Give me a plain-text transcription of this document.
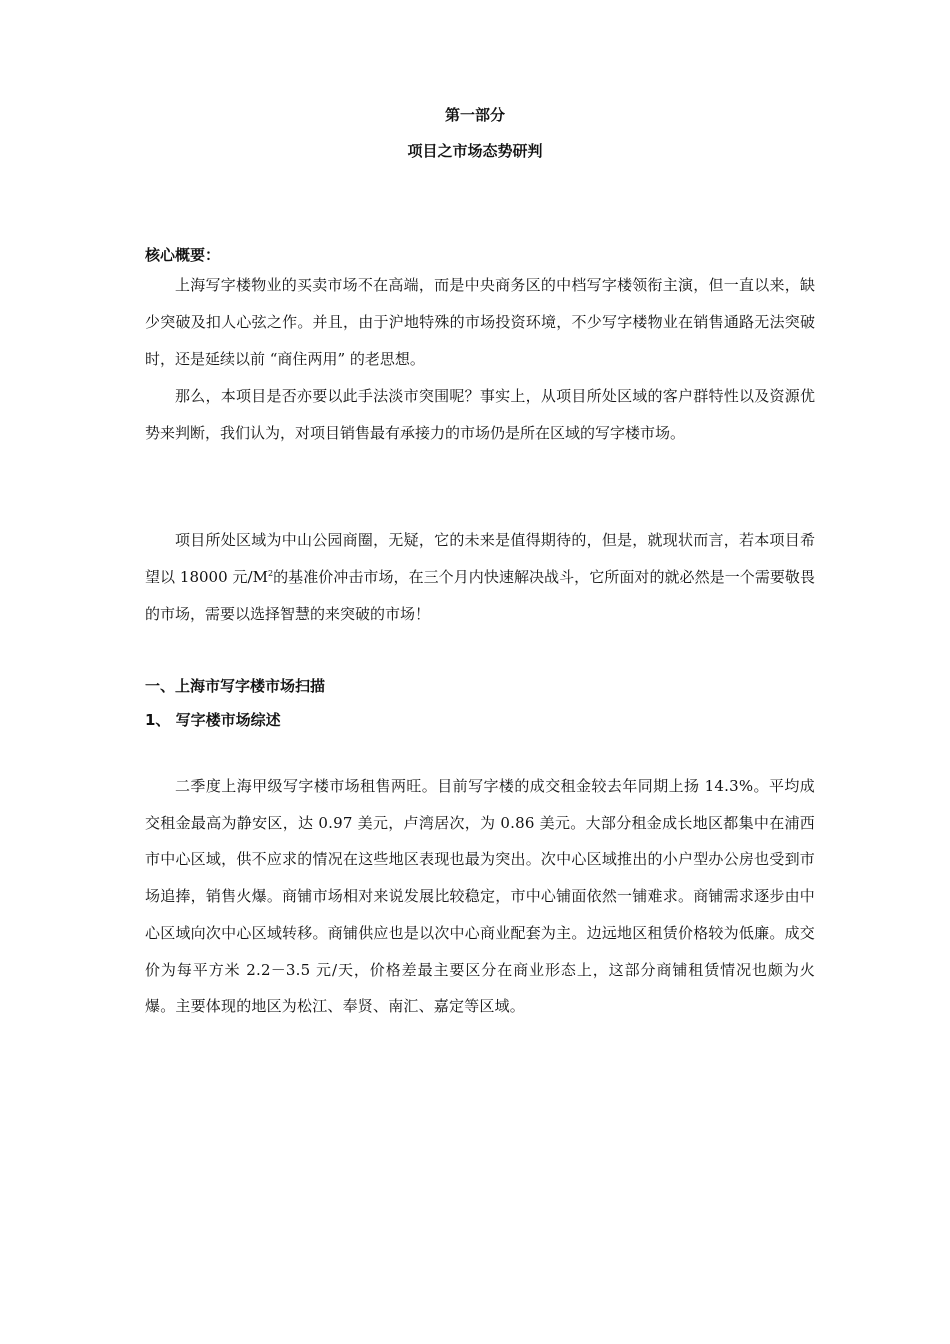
第一部分
项目之市场态势研判
核心概要：

上海写字楼物业的买卖市场不在高端，而是中央商务区的中档写字楼领衔主演，但一直以来，缺少突破及扣人心弦之作。并且，由于沪地特殊的市场投资环境，不少写字楼物业在销售通路无法突破时，还是延续以前 “商住两用” 的老思想。

那么，本项目是否亦要以此手法淡市突围呢？事实上，从项目所处区域的客户群特性以及资源优势来判断，我们认为，对项目销售最有承接力的市场仍是所在区域的写字楼市场。

项目所处区域为中山公园商圈，无疑，它的未来是值得期待的，但是，就现状而言，若本项目希望以 18000 元$/M^2$的基准价冲击市场，在三个月内快速解决战斗，它所面对的就必然是一个需要敬畏的市场，需要以选择智慧的来突破的市场！

一、上海市写字楼市场扫描
1、 写字楼市场综述

二季度上海甲级写字楼市场租售两旺。目前写字楼的成交租金较去年同期上扬 14.3%。平均成交租金最高为静安区，达 0.97 美元，卢湾居次，为 0.86 美元。大部分租金成长地区都集中在浦西市中心区域，供不应求的情况在这些地区表现也最为突出。次中心区域推出的小户型办公房也受到市场追捧，销售火爆。商铺市场相对来说发展比较稳定，市中心铺面依然一铺难求。商铺需求逐步由中心区域向次中心区域转移。商铺供应也是以次中心商业配套为主。边远地区租赁价格较为低廉。成交价为每平方米 2.2－3.5 元/天，价格差最主要区分在商业形态上，这部分商铺租赁情况也颇为火爆。主要体现的地区为松江、奉贤、南汇、嘉定等区域。
